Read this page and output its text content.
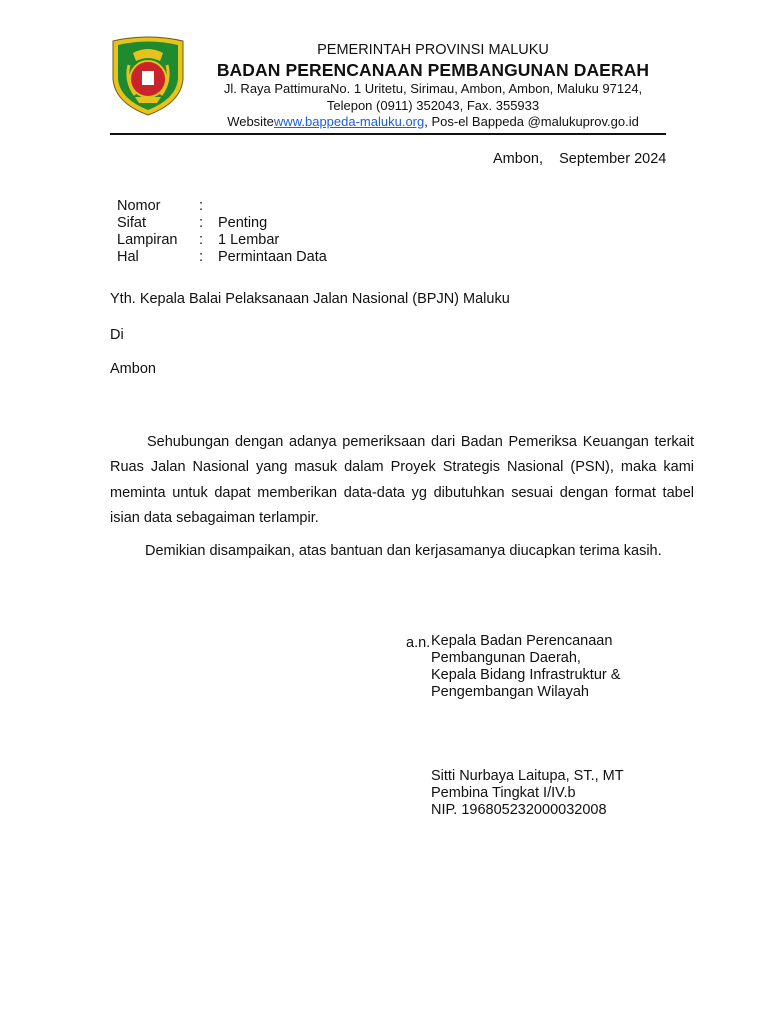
PEMERINTAH PROVINSI MALUKU
BADAN PERENCANAAN PEMBANGUNAN DAERAH
Jl. Raya PattimuraNo. 1 Uritetu, Sirimau, Ambon, Ambon, Maluku 97124,
Telepon (0911) 352043, Fax. 355933
Websitewww.bappeda-maluku.org, Pos-el Bappeda @malukuprov.go.id
Ambon, September 2024
Nomor	:
Sifat	:	Penting
Lampiran	:	1 Lembar
Hal	:	Permintaan Data
Yth. Kepala Balai Pelaksanaan Jalan Nasional (BPJN) Maluku
Di
Ambon
Sehubungan dengan adanya pemeriksaan dari Badan Pemeriksa Keuangan terkait Ruas Jalan Nasional yang masuk dalam Proyek Strategis Nasional (PSN), maka kami meminta untuk dapat memberikan data-data yg dibutuhkan sesuai dengan format tabel isian data sebagaiman terlampir.
Demikian disampaikan, atas bantuan dan kerjasamanya diucapkan terima kasih.
a.n. Kepala Badan Perencanaan
Pembangunan Daerah,
Kepala Bidang Infrastruktur &
Pengembangan Wilayah
Sitti Nurbaya Laitupa, ST., MT
Pembina Tingkat I/IV.b
NIP. 196805232000032008
